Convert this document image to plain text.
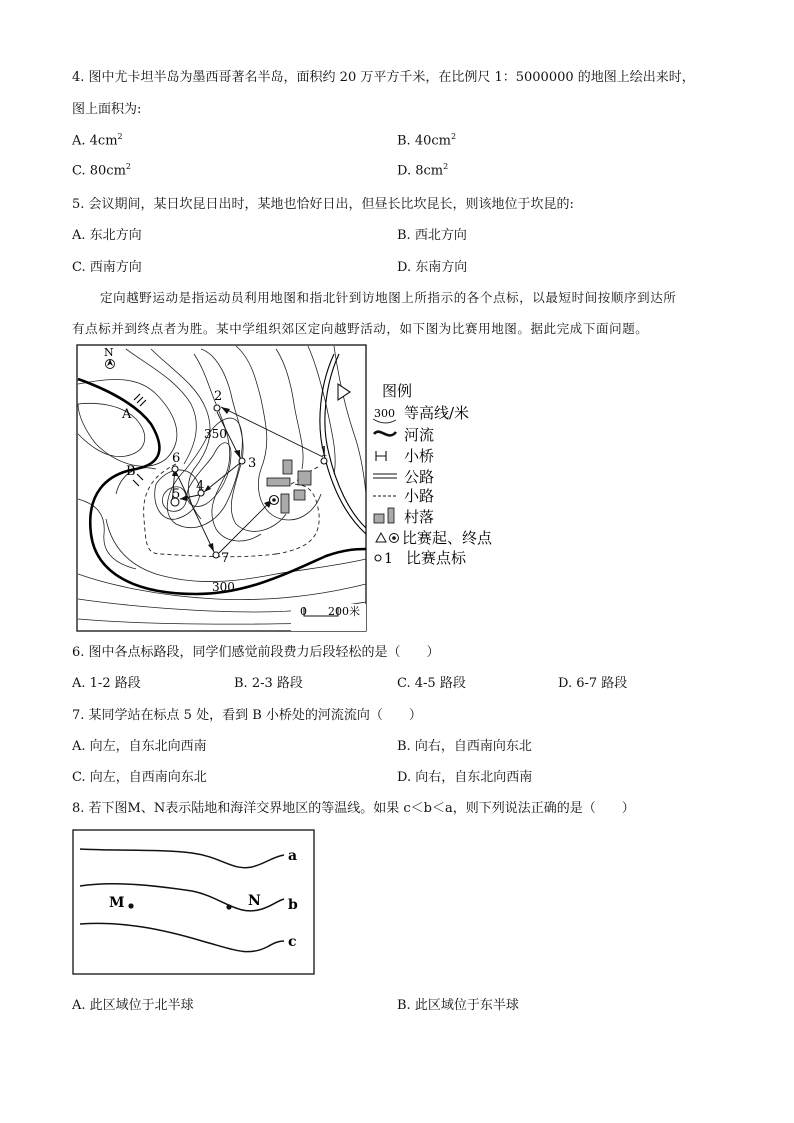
4. 图中尤卡坦半岛为墨西哥著名半岛，面积约 20 万平方千米，在比例尺 1：5000000 的地图上绘出来时，
图上面积为:
A. $4cm^2$	B. $40cm^2$
C. $80cm^2$	D. $8cm^2$
5. 会议期间，某日坎昆日出时，某地也恰好日出，但昼长比坎昆长，则该地位于坎昆的:
A. 东北方向	B. 西北方向
C. 西南方向	D. 东南方向
定向越野运动是指运动员利用地图和指北针到访地图上所指示的各个点标，以最短时间按顺序到达所
有点标并到终点者为胜。某中学组织郊区定向越野活动，如下图为比赛用地图。据此完成下面问题。
N
2
1
3
4
5
6
7
A
B
350
300
0 200米
图例
300 等高线/米
河流
小桥
公路
小路
村落
比赛起、终点
1 比赛点标
6. 图中各点标路段，同学们感觉前段费力后段轻松的是（　　）
A. 1-2 路段	B. 2-3 路段	C. 4-5 路段	D. 6-7 路段
7. 某同学站在标点 5 处，看到 B 小桥处的河流流向（　　）
A. 向左，自东北向西南	B. 向右，自西南向东北
C. 向左，自西南向东北	D. 向右，自东北向西南
8. 若下图M、N表示陆地和海洋交界地区的等温线。如果 c＜b＜a，则下列说法正确的是（　　）
a
b
c
M	N
A. 此区域位于北半球	B. 此区域位于东半球
